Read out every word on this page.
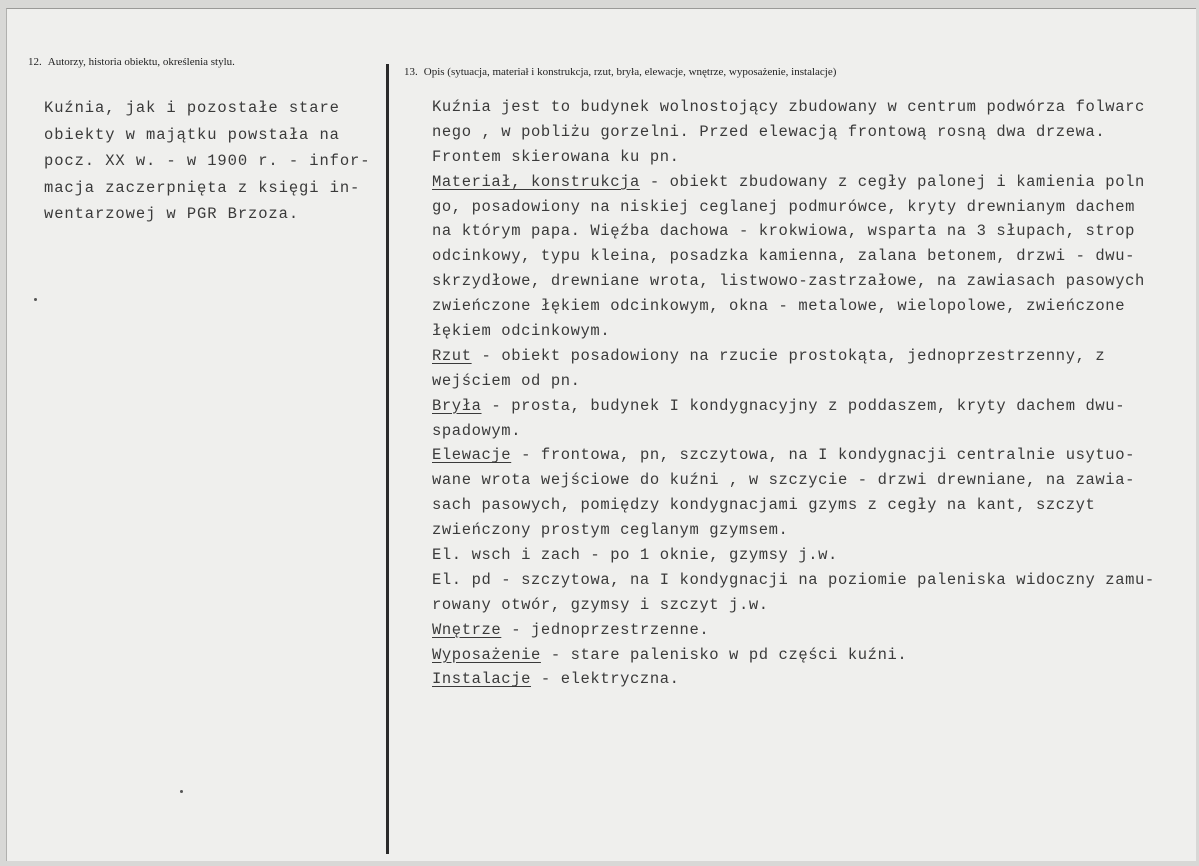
12. Autorzy, historia obiektu, określenia stylu.
13. Opis (sytuacja, materiał i konstrukcja, rzut, bryła, elewacje, wnętrze, wyposażenie, instalacje)
Kuźnia, jak i pozostałe stare
obiekty w majątku powstała na
pocz. XX w. - w 1900 r. - infor-
macja zaczerpnięta z księgi in-
wentarzowej w PGR Brzoza.
Kuźnia jest to budynek wolnostojący zbudowany w centrum podwórza folwarc
nego , w pobliżu gorzelni. Przed elewacją frontową rosną dwa drzewa.
Frontem skierowana ku pn.
Materiał, konstrukcja - obiekt zbudowany z cegły palonej i kamienia poln
go, posadowiony na niskiej ceglanej podmurówce, kryty drewnianym dachem
na którym papa. Więźba dachowa - krokwiowa, wsparta na 3 słupach, strop
odcinkowy, typu kleina, posadzka kamienna, zalana betonem, drzwi - dwu-
skrzydłowe, drewniane wrota, listwowo-zastrzałowe, na zawiasach pasowych
zwieńczone łękiem odcinkowym, okna - metalowe, wielopolowe, zwieńczone
łękiem odcinkowym.
Rzut - obiekt posadowiony na rzucie prostokąta, jednoprzestrzenny, z
wejściem od pn.
Bryła - prosta, budynek I kondygnacyjny z poddaszem, kryty dachem dwu-
spadowym.
Elewacje - frontowa, pn, szczytowa, na I kondygnacji centralnie usytuo-
wane wrota wejściowe do kuźni , w szczycie - drzwi drewniane, na zawia-
sach pasowych, pomiędzy kondygnacjami gzyms z cegły na kant, szczyt
zwieńczony prostym ceglanym gzymsem.
El. wsch i zach - po 1 oknie, gzymsy j.w.
El. pd - szczytowa, na I kondygnacji na poziomie paleniska widoczny zamu-
rowany otwór, gzymsy i szczyt j.w.
Wnętrze - jednoprzestrzenne.
Wyposażenie - stare palenisko w pd części kuźni.
Instalacje - elektryczna.
